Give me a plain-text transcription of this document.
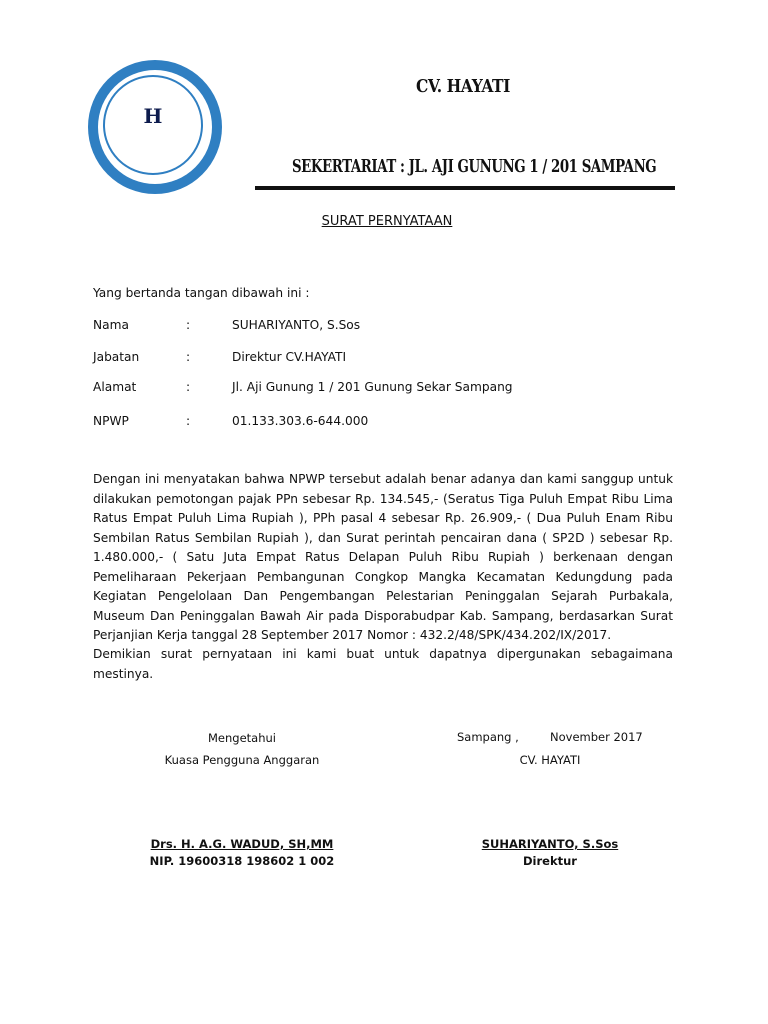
H
CV. HAYATI
SEKERTARIAT : JL. AJI GUNUNG 1 / 201 SAMPANG
SURAT PERNYATAAN
Yang bertanda tangan dibawah ini :
Nama	:	SUHARIYANTO, S.Sos
Jabatan	:	Direktur CV.HAYATI
Alamat	:	Jl. Aji Gunung 1 / 201 Gunung Sekar Sampang
NPWP	:	01.133.303.6-644.000
Dengan ini menyatakan bahwa NPWP tersebut adalah benar adanya dan kami sanggup untuk dilakukan pemotongan pajak PPn sebesar Rp. 134.545,- (Seratus Tiga Puluh Empat Ribu Lima Ratus Empat Puluh Lima Rupiah ), PPh pasal 4 sebesar Rp. 26.909,- ( Dua Puluh Enam Ribu Sembilan Ratus Sembilan Rupiah ), dan Surat perintah pencairan dana ( SP2D ) sebesar Rp. 1.480.000,- ( Satu Juta Empat Ratus Delapan Puluh Ribu Rupiah ) berkenaan dengan Pemeliharaan Pekerjaan Pembangunan Congkop Mangka Kecamatan Kedungdung pada Kegiatan Pengelolaan Dan Pengembangan Pelestarian Peninggalan Sejarah Purbakala, Museum Dan Peninggalan Bawah Air pada Disporabudpar Kab. Sampang, berdasarkan Surat Perjanjian Kerja tanggal 28 September 2017 Nomor : 432.2/48/SPK/434.202/IX/2017.
Demikian surat pernyataan ini kami buat untuk dapatnya dipergunakan sebagaimana mestinya.
Mengetahui
Kuasa Pengguna Anggaran
Drs. H. A.G. WADUD, SH,MM
NIP. 19600318 198602 1 002
Sampang ,	November 2017
CV. HAYATI
SUHARIYANTO, S.Sos
Direktur
